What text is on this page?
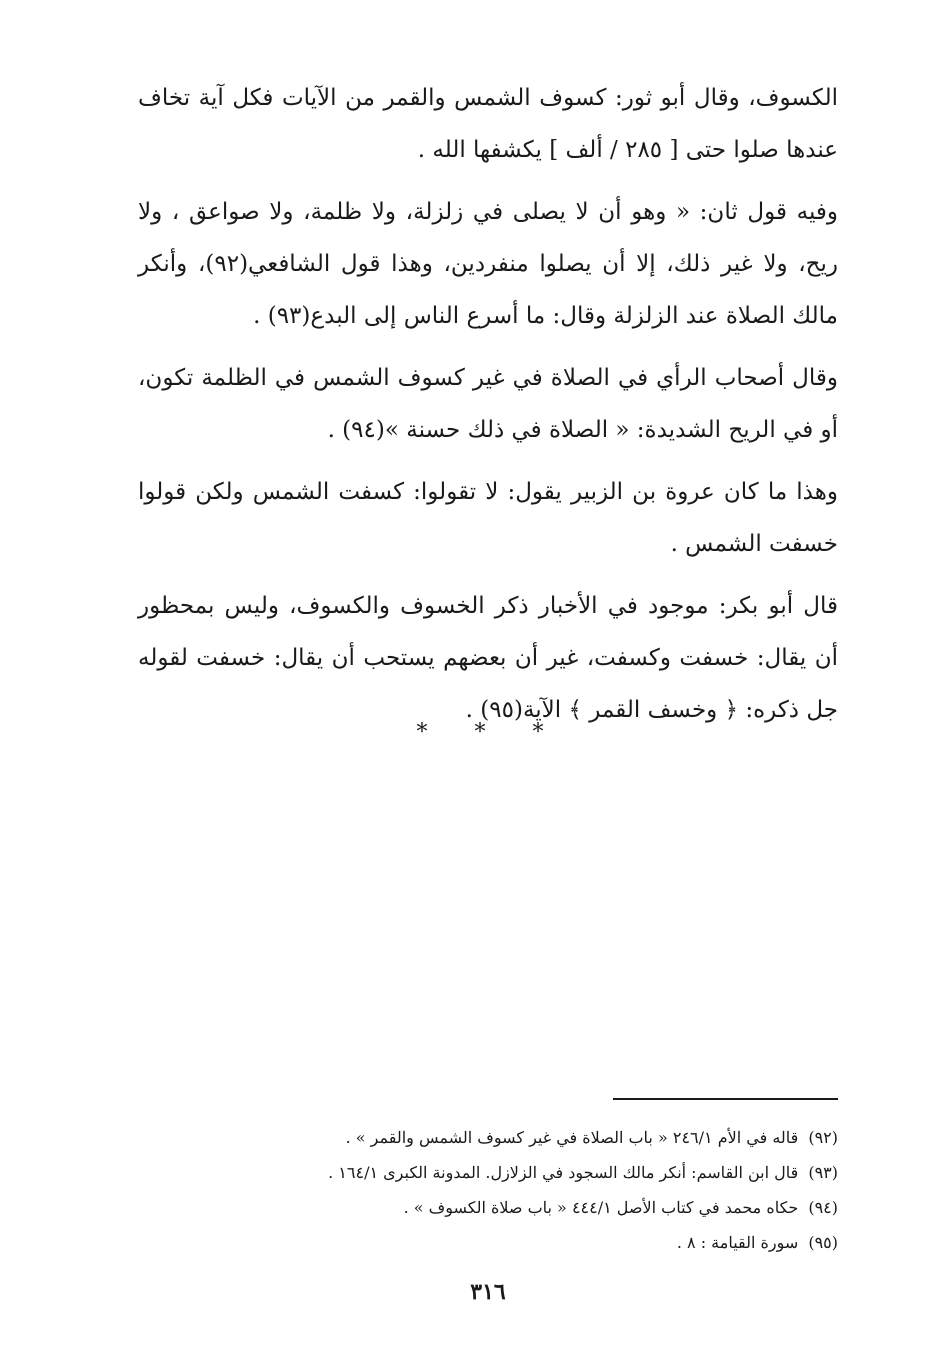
الكسوف، وقال أبو ثور: كسوف الشمس والقمر من الآيات فكل آية تخاف عندها صلوا حتى [ ٢٨٥ / ألف ] يكشفها الله .

وفيه قول ثان: « وهو أن لا يصلى في زلزلة، ولا ظلمة، ولا صواعق ، ولا ريح، ولا غير ذلك، إلا أن يصلوا منفردين، وهذا قول الشافعي(٩٢)، وأنكر مالك الصلاة عند الزلزلة وقال: ما أسرع الناس إلى البدع(٩٣) .

وقال أصحاب الرأي في الصلاة في غير كسوف الشمس في الظلمة تكون، أو في الريح الشديدة: « الصلاة في ذلك حسنة »(٩٤) .

وهذا ما كان عروة بن الزبير يقول: لا تقولوا: كسفت الشمس ولكن قولوا خسفت الشمس .

قال أبو بكر: موجود في الأخبار ذكر الخسوف والكسوف، وليس بمحظور أن يقال: خسفت وكسفت، غير أن بعضهم يستحب أن يقال: خسفت لقوله جل ذكره: ﴿ وخسف القمر ﴾ الآية(٩٥) .

* * *
(٩٢)
قاله في الأم ٢٤٦/١ « باب الصلاة في غير كسوف الشمس والقمر » .
(٩٣)
قال ابن القاسم: أنكر مالك السجود في الزلازل. المدونة الكبرى ١٦٤/١ .
(٩٤)
حكاه محمد في كتاب الأصل ٤٤٤/١ « باب صلاة الكسوف » .
(٩٥)
سورة القيامة : ٨ .
٣١٦
